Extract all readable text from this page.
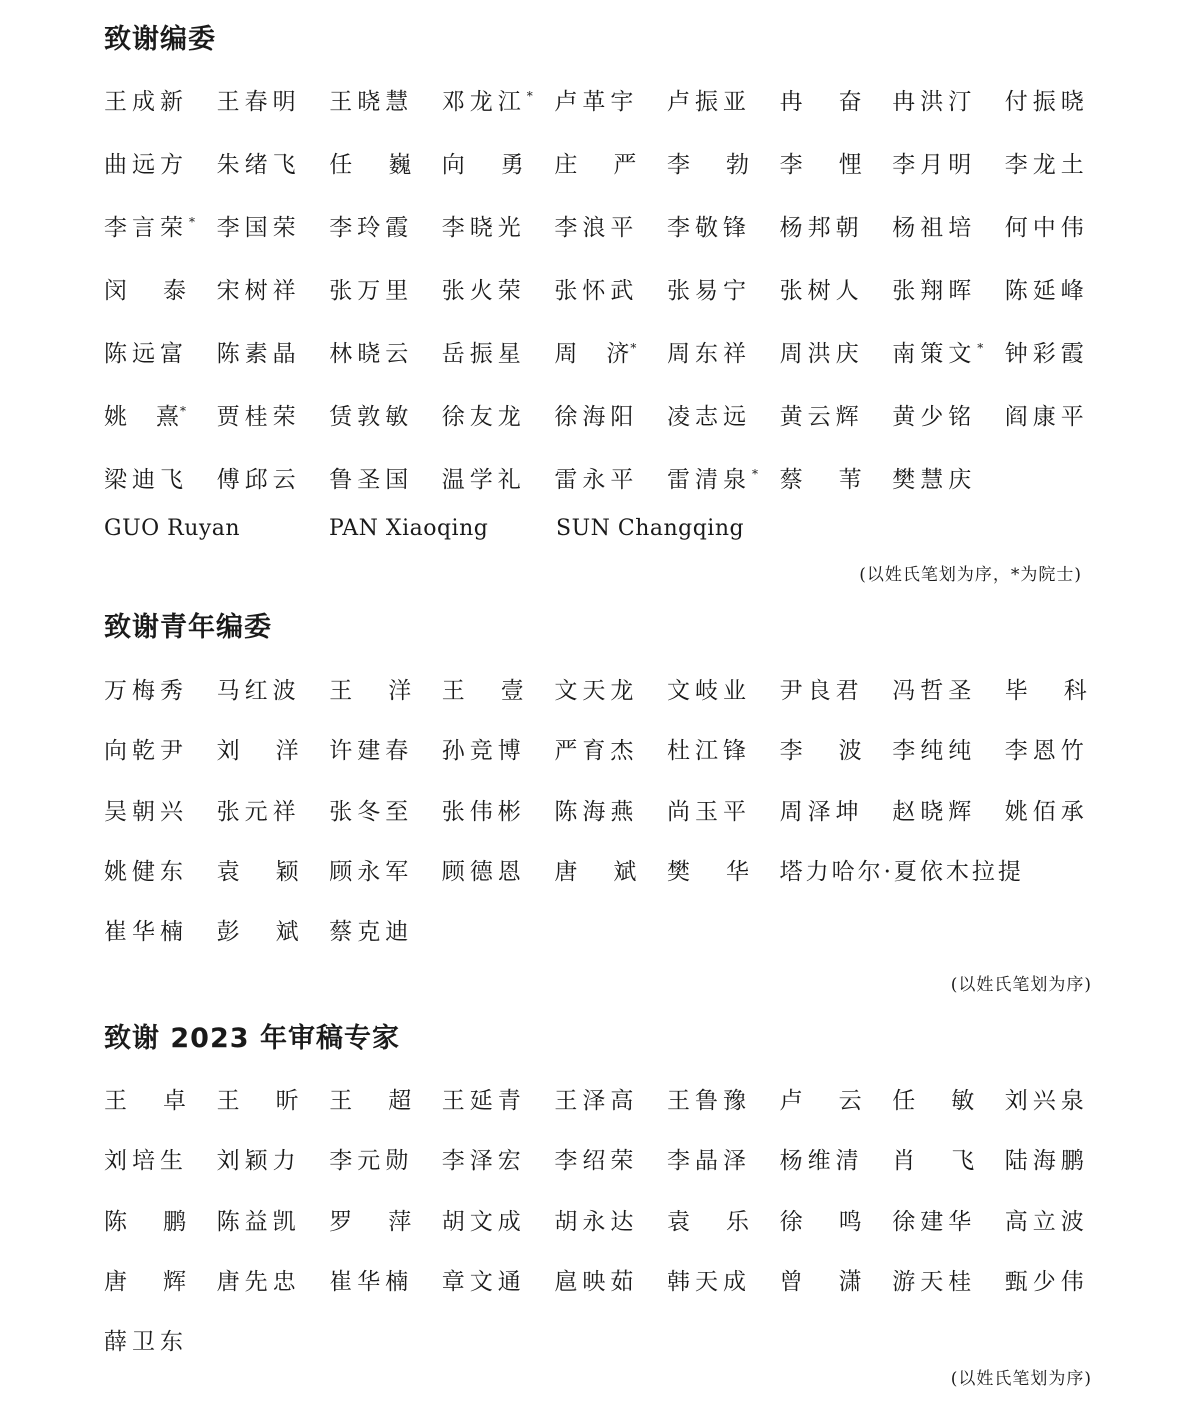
致谢编委
王成新 王春明 王晓慧 邓龙江* 卢革宇 卢振亚 冉 奋 冉洪汀 付振晓
曲远方 朱绪飞 任 巍 向 勇 庄 严 李 勃 李 悝 李月明 李龙土
李言荣* 李国荣 李玲霞 李晓光 李浪平 李敬锋 杨邦朝 杨祖培 何中伟
闵 泰 宋树祥 张万里 张火荣 张怀武 张易宁 张树人 张翔晖 陈延峰
陈远富 陈素晶 林晓云 岳振星 周 济* 周东祥 周洪庆 南策文* 钟彩霞
姚 熹* 贾桂荣 赁敦敏 徐友龙 徐海阳 凌志远 黄云辉 黄少铭 阎康平
梁迪飞 傅邱云 鲁圣国 温学礼 雷永平 雷清泉* 蔡 苇 樊慧庆
GUO Ruyan	PAN Xiaoqing	SUN Changqing
(以姓氏笔划为序，*为院士)
致谢青年编委
万梅秀 马红波 王 洋 王 壹 文天龙 文岐业 尹良君 冯哲圣 毕 科
向乾尹 刘 洋 许建春 孙竞博 严育杰 杜江锋 李 波 李纯纯 李恩竹
吴朝兴 张元祥 张冬至 张伟彬 陈海燕 尚玉平 周泽坤 赵晓辉 姚佰承
姚健东 袁 颖 顾永军 顾德恩 唐 斌 樊 华 塔力哈尔·夏依木拉提
崔华楠 彭 斌 蔡克迪
(以姓氏笔划为序)
致谢 2023 年审稿专家
王 卓 王 昕 王 超 王延青 王泽高 王鲁豫 卢 云 任 敏 刘兴泉
刘培生 刘颖力 李元勋 李泽宏 李绍荣 李晶泽 杨维清 肖 飞 陆海鹏
陈 鹏 陈益凯 罗 萍 胡文成 胡永达 袁 乐 徐 鸣 徐建华 高立波
唐 辉 唐先忠 崔华楠 章文通 扈映茹 韩天成 曾 潇 游天桂 甄少伟
薛卫东
(以姓氏笔划为序)
